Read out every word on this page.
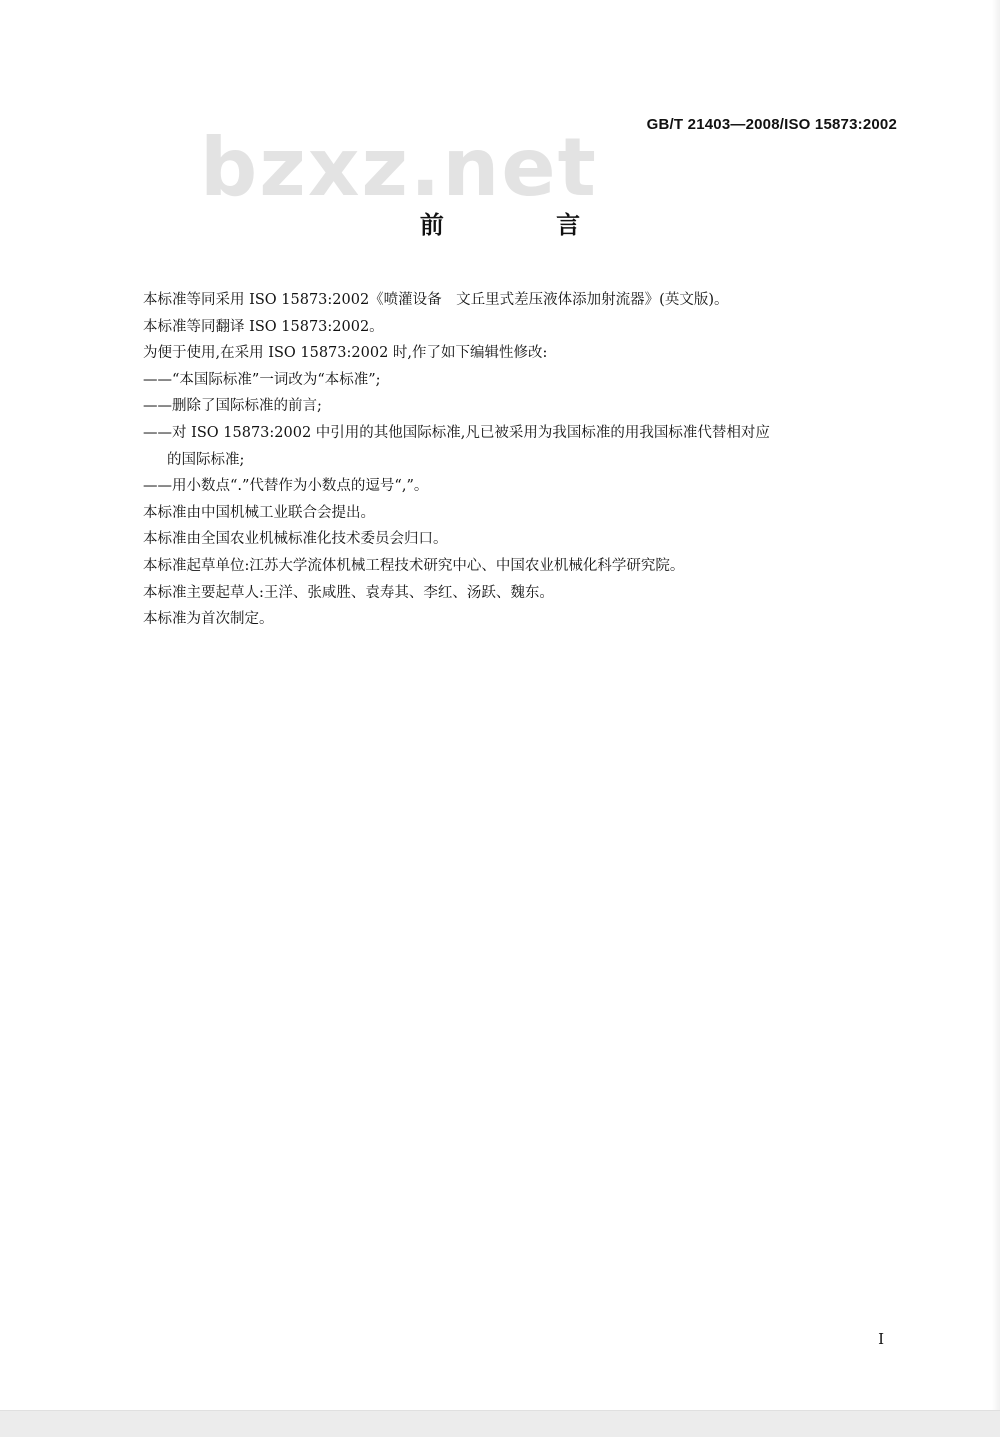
GB/T 21403—2008/ISO 15873:2002
bzxz.net
前 言

本标准等同采用 ISO 15873:2002《喷灌设备　文丘里式差压液体添加射流器》(英文版)。

本标准等同翻译 ISO 15873:2002。

为便于使用,在采用 ISO 15873:2002 时,作了如下编辑性修改:

——“本国际标准”一词改为“本标准”;

——删除了国际标准的前言;

——对 ISO 15873:2002 中引用的其他国际标准,凡已被采用为我国标准的用我国标准代替相对应

的国际标准;

——用小数点“.”代替作为小数点的逗号“,”。

本标准由中国机械工业联合会提出。

本标准由全国农业机械标准化技术委员会归口。

本标准起草单位:江苏大学流体机械工程技术研究中心、中国农业机械化科学研究院。

本标准主要起草人:王洋、张咸胜、袁寿其、李红、汤跃、魏东。

本标准为首次制定。

I
